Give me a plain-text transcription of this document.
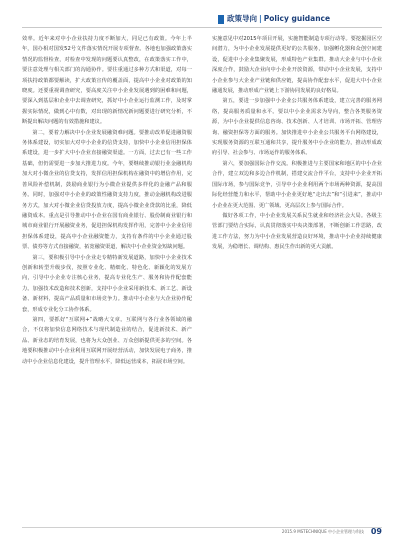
政策导向 | Policy guidance

效率。近年来对中小企业扶持力度不断加大，同足已有政策。今年上半年，国办相对国发52号文件落实情况开展专项督查。各地也加强政策落实情况的监督检查，对检查中发现的问题要认真整改，在政策落实工作中，要注意处理与相关部门的沟通协作。要往重通过多种方式和渠道，对每一项扶持政策都要解读，扩大政策宣传的覆盖面，提高中小企业对政策的知晓度。还要重视调查研究，要高度关注中小企业发展遇到的困难和问题，要深入到基层和企业中去调查研究，抓好中小企业运行监测工作，及时掌握实际情况，做到心中有数，对出现的新情况新问题要进行研究分析，不断提出解决问题的有效措施和建议。

第二，要着力解决中小企业发展融资难问题。要推动改革促进融资服务体系建设，切实加大对中小企业的信贷支持，加快中小企业信用担保体系建设，进一步扩大中小企业直接融资渠道。一方面，过去已有一些工作基础，但仍需要进一步加大推进力度。今年，要继续推动银行业金融机构加大对小微企业的信贷支持，发挥信用担保机构在融资中的增信作用，完善风险补偿机制，鼓励商业银行为小微企业提供多样化的金融产品和服务。同时，加强对中小企业的政策性融资支持力度，推动金融机构改进服务方式，加大对小微企业信贷投放力度，提高小微企业贷款的比重，降低融资成本。重点是引导推动中小企业在国有商业银行、股份制商业银行和城市商业银行开展融资业务，促进担保机构发挥作用，完善中小企业信用担保体系建设，提高中小企业融资能力，支持有条件的中小企业通过股票、债券等方式直接融资，拓宽融资渠道，解决中小企业资金短缺问题。

第三，要积极引导中小企业走专精特新发展道路，加快中小企业技术创新和转型升级步伐，按照专业化、精细化、特色化、新颖化的发展方向，引导中小企业专注核心业务，提高专业化生产、服务和协作配套能力。加强技术改造和技术创新，支持中小企业采用新技术、新工艺、新设备、新材料，提高产品质量和市场竞争力。推动中小企业与大企业协作配套，形成专业化分工协作体系。

第四，要抓好“互联网+”战略大文章。互联网与各行业各领域的融合，不仅将加快信息网络技术与现代制造业的结合，促进新技术、新产品、新业态的培育发展，也将为大众创业、万众创新提供更多的空间。各地要积极推动中小企业利用互联网开展经营活动，加快发展电子商务，推动中小企业信息化建设，提升管理水平，降低运营成本，拓展市场空间。

实施意见中对2015年项目开展，实施智能制造专项行动等。要挖掘园区空间潜力，为中小企业发展提供更好的公共服务，加强孵化器和众创空间建设，促进中小企业集聚发展，形成特色产业集群。推动大企业与中小企业深度合作，鼓励大企业向中小企业开放资源，带动中小企业发展，支持中小企业参与大企业产业链和供应链，提高协作配套水平，促进大中小企业融通发展，推动形成产业链上下游协同发展的良好格局。

第五，要进一步加强中小企业公共服务体系建设，建立完善的服务网络，提高服务质量和水平。要以中小企业需求为导向，整合各类服务资源，为中小企业提供信息咨询、技术创新、人才培训、市场开拓、管理咨询、融资担保等方面的服务。加快推进中小企业公共服务平台网络建设，实现服务资源的互联互通和共享，提升服务中小企业的能力，推动形成政府引导、社会参与、市场运作的服务体系。

第六，要加强国际合作交流。积极推进与主要国家和地区的中小企业合作，建立双边和多边合作机制，搭建交流合作平台，支持中小企业开拓国际市场，参与国际竞争，引导中小企业利用两个市场两种资源，提高国际化经营能力和水平，帮助中小企业更好地“走出去”和“引进来”，推动中小企业在更大范围、更广领域、更高层次上参与国际合作。

做好各项工作，中小企业发展关系民生就业和经济社会大局。各级主管部门要结合实际，认真贯彻落实中央决策部署，不断创新工作思路，改进工作方法，努力为中小企业发展营造良好环境，推动中小企业持续健康发展，为稳增长、调结构、惠民生作出新的更大贡献。

2015.9 MSTECHNIQUE 中小企业管理与科技 09
